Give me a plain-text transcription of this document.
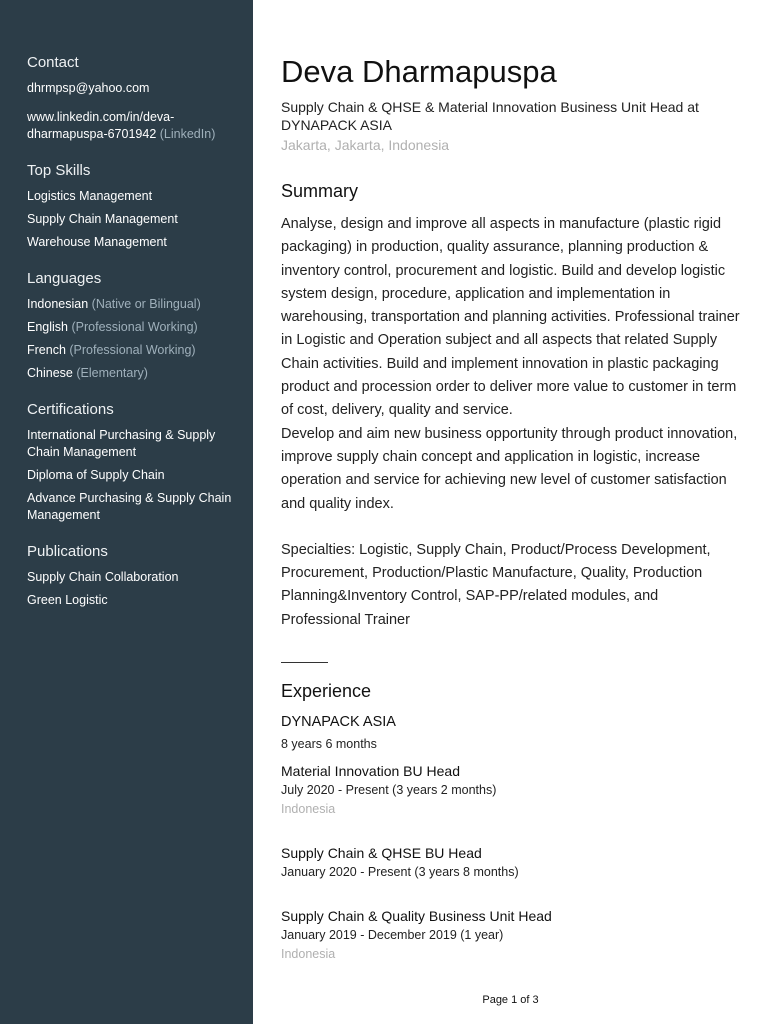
Contact
dhrmpsp@yahoo.com
www.linkedin.com/in/deva-dharmapuspa-6701942 (LinkedIn)
Top Skills
Logistics Management
Supply Chain Management
Warehouse Management
Languages
Indonesian (Native or Bilingual)
English (Professional Working)
French (Professional Working)
Chinese (Elementary)
Certifications
International Purchasing & Supply Chain Management
Diploma of Supply Chain
Advance Purchasing & Supply Chain Management
Publications
Supply Chain Collaboration
Green Logistic
Deva Dharmapuspa
Supply Chain & QHSE & Material Innovation Business Unit Head at DYNAPACK ASIA
Jakarta, Jakarta, Indonesia
Summary
Analyse, design and improve all aspects in manufacture (plastic rigid packaging) in production, quality assurance, planning production & inventory control, procurement and logistic. Build and develop logistic system design, procedure, application and implementation in warehousing, transportation and planning activities. Professional trainer in Logistic and Operation subject and all aspects that related Supply Chain activities. Build and implement innovation in plastic packaging product and procession order to deliver more value to customer in term of cost, delivery, quality and service.
Develop and aim new business opportunity through product innovation, improve supply chain concept and application in logistic, increase operation and service for achieving new level of customer satisfaction and quality index.
Specialties: Logistic, Supply Chain, Product/Process Development, Procurement, Production/Plastic Manufacture, Quality, Production Planning&Inventory Control, SAP-PP/related modules, and Professional Trainer
Experience
DYNAPACK ASIA
8 years 6 months
Material Innovation BU Head
July 2020 - Present (3 years 2 months)
Indonesia
Supply Chain & QHSE BU Head
January 2020 - Present (3 years 8 months)
Supply Chain & Quality Business Unit Head
January 2019 - December 2019 (1 year)
Indonesia
Page 1 of 3
